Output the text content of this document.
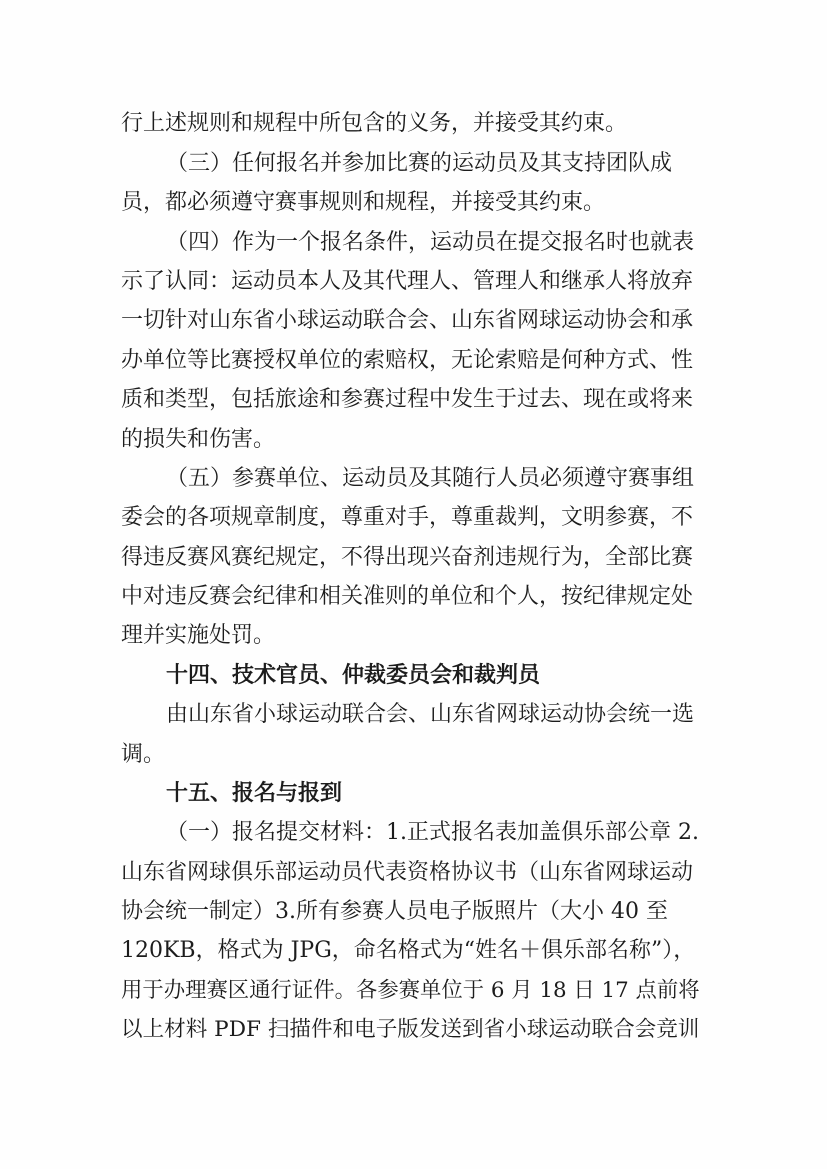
行上述规则和规程中所包含的义务，并接受其约束。
（三）任何报名并参加比赛的运动员及其支持团队成
员，都必须遵守赛事规则和规程，并接受其约束。
（四）作为一个报名条件，运动员在提交报名时也就表
示了认同：运动员本人及其代理人、管理人和继承人将放弃
一切针对山东省小球运动联合会、山东省网球运动协会和承
办单位等比赛授权单位的索赔权，无论索赔是何种方式、性
质和类型，包括旅途和参赛过程中发生于过去、现在或将来
的损失和伤害。
（五）参赛单位、运动员及其随行人员必须遵守赛事组
委会的各项规章制度，尊重对手，尊重裁判，文明参赛，不
得违反赛风赛纪规定，不得出现兴奋剂违规行为，全部比赛
中对违反赛会纪律和相关准则的单位和个人，按纪律规定处
理并实施处罚。
十四、技术官员、仲裁委员会和裁判员
由山东省小球运动联合会、山东省网球运动协会统一选
调。
十五、报名与报到
（一）报名提交材料：1.正式报名表加盖俱乐部公章 2.
山东省网球俱乐部运动员代表资格协议书（山东省网球运动
协会统一制定）3.所有参赛人员电子版照片（大小 40 至
120KB，格式为 JPG，命名格式为“姓名＋俱乐部名称”），
用于办理赛区通行证件。各参赛单位于 6 月 18 日 17 点前将
以上材料 PDF 扫描件和电子版发送到省小球运动联合会竞训
